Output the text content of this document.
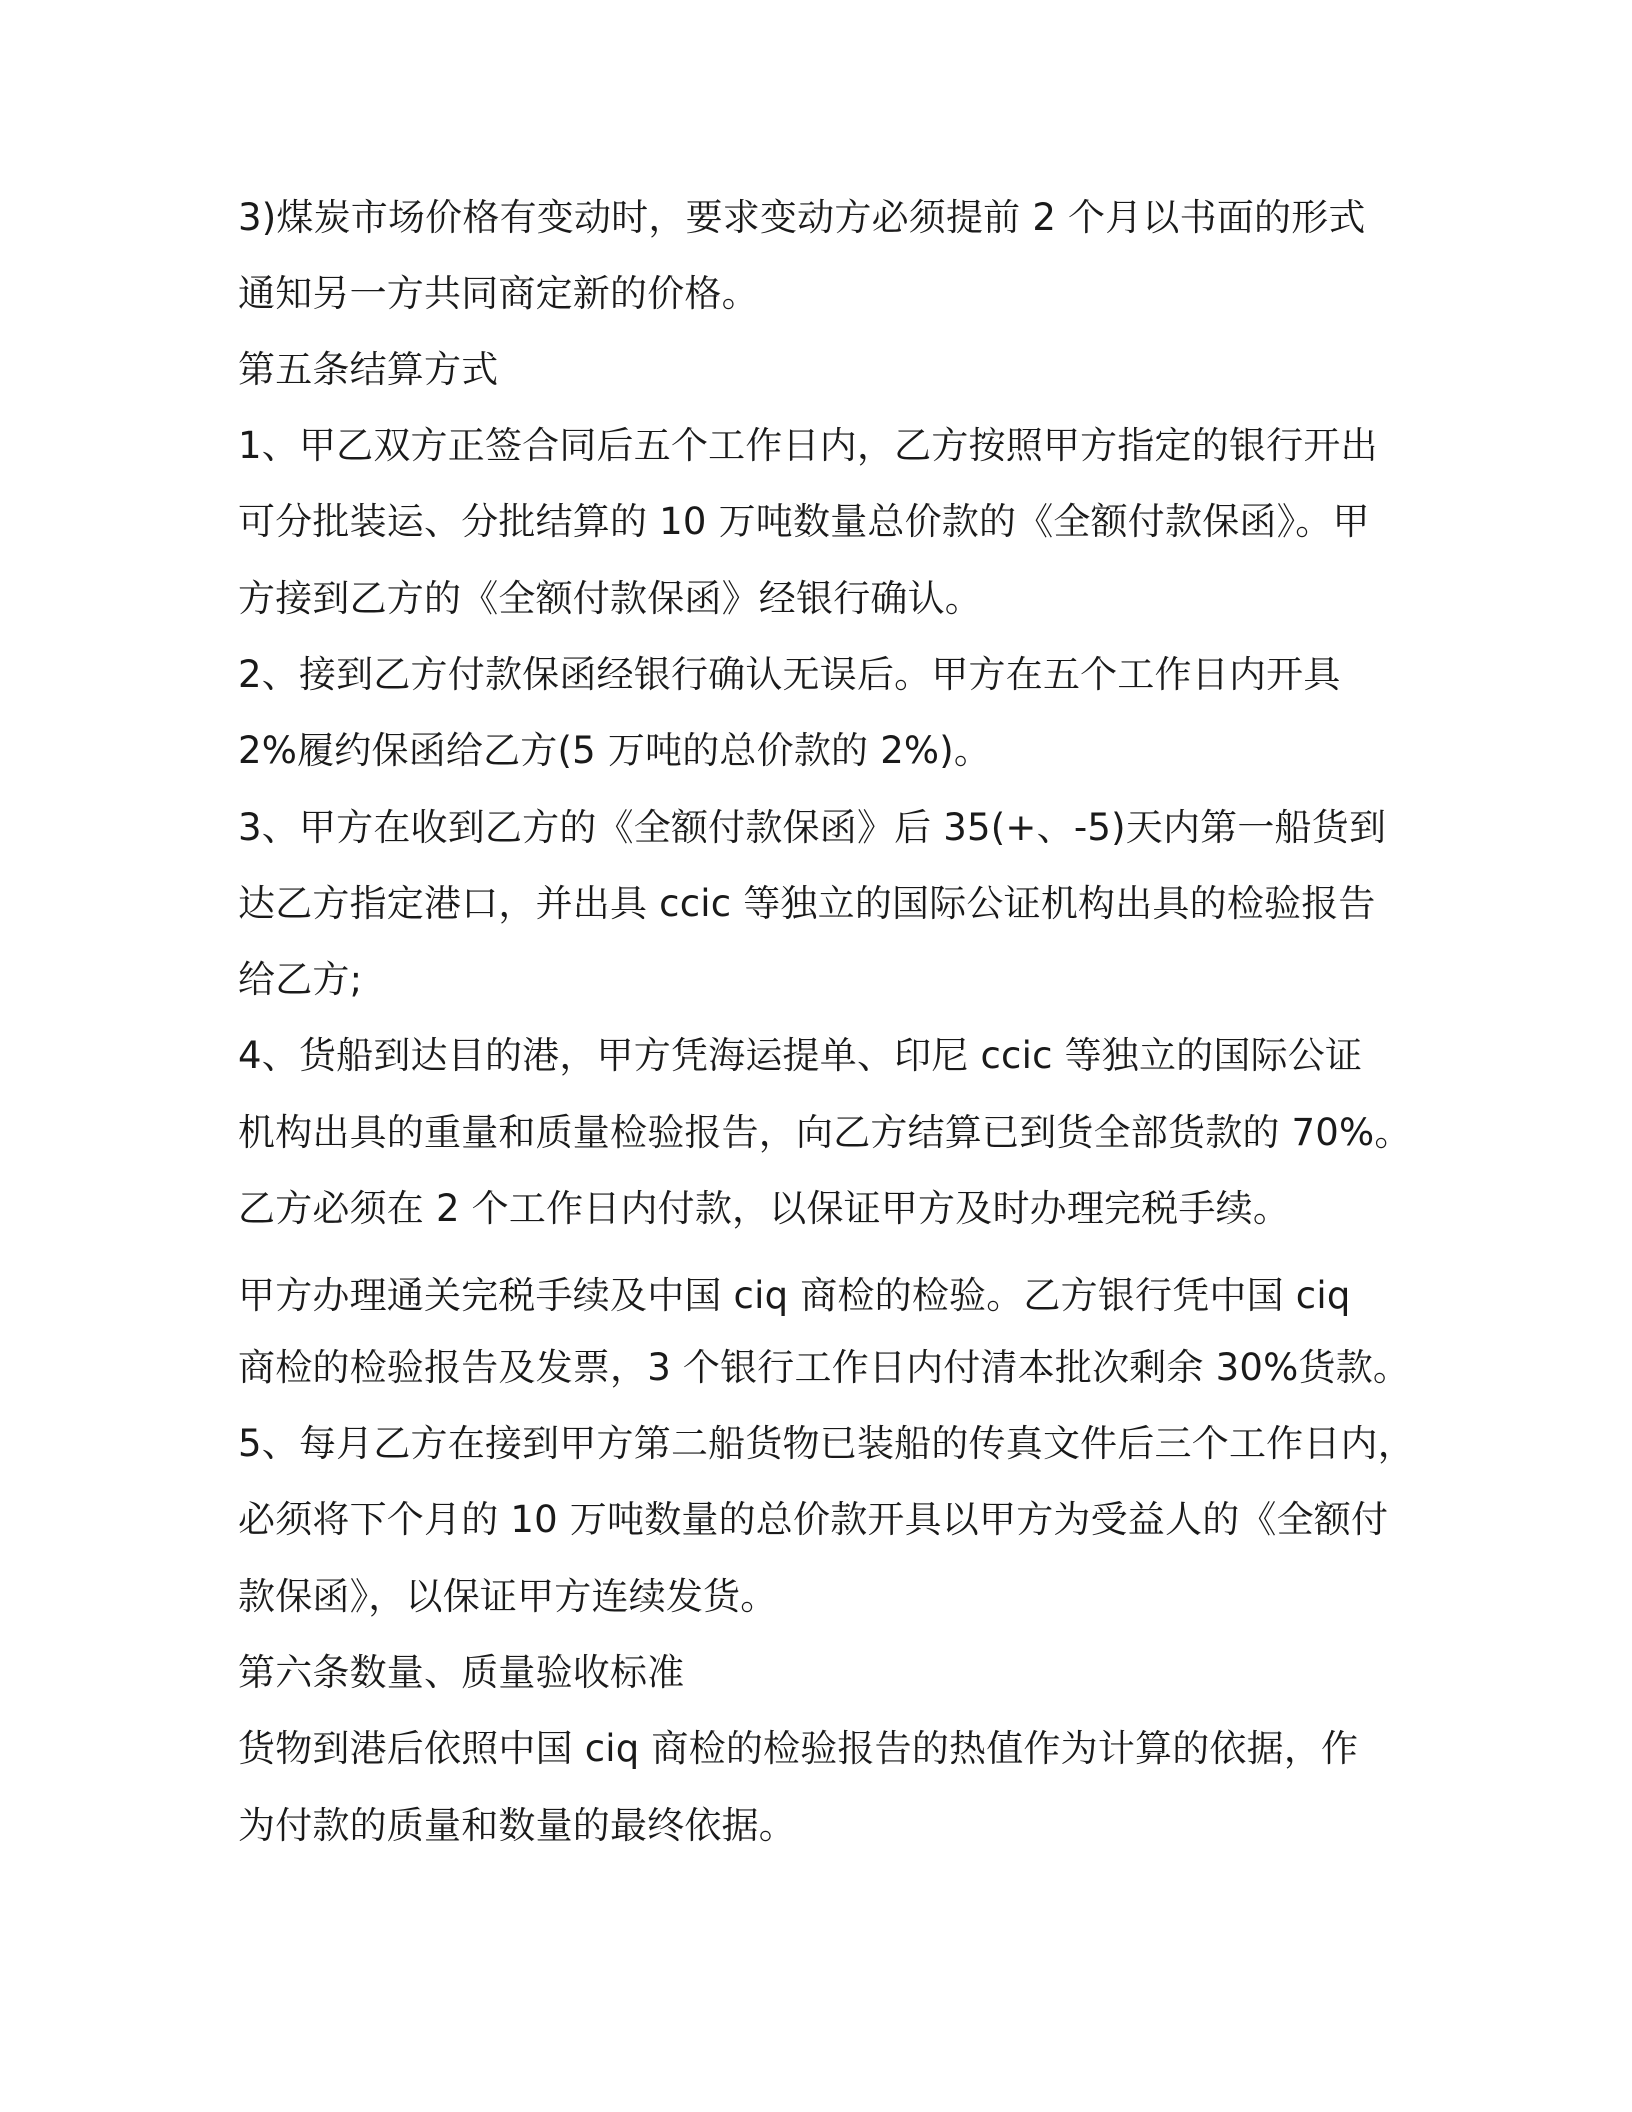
3)煤炭市场价格有变动时，要求变动方必须提前 2 个月以书面的形式
通知另一方共同商定新的价格。
第五条结算方式
1、甲乙双方正签合同后五个工作日内，乙方按照甲方指定的银行开出
可分批装运、分批结算的 10 万吨数量总价款的《全额付款保函》。甲
方接到乙方的《全额付款保函》经银行确认。
2、接到乙方付款保函经银行确认无误后。甲方在五个工作日内开具
2%履约保函给乙方(5 万吨的总价款的 2%)。
3、甲方在收到乙方的《全额付款保函》后 35(+、-5)天内第一船货到
达乙方指定港口，并出具 ccic 等独立的国际公证机构出具的检验报告
给乙方;
4、货船到达目的港，甲方凭海运提单、印尼 ccic 等独立的国际公证
机构出具的重量和质量检验报告，向乙方结算已到货全部货款的 70%。
乙方必须在 2 个工作日内付款，以保证甲方及时办理完税手续。
甲方办理通关完税手续及中国 ciq 商检的检验。乙方银行凭中国 ciq
商检的检验报告及发票，3 个银行工作日内付清本批次剩余 30%货款。
5、每月乙方在接到甲方第二船货物已装船的传真文件后三个工作日内，
必须将下个月的 10 万吨数量的总价款开具以甲方为受益人的《全额付
款保函》，以保证甲方连续发货。
第六条数量、质量验收标准
货物到港后依照中国 ciq 商检的检验报告的热值作为计算的依据，作
为付款的质量和数量的最终依据。
